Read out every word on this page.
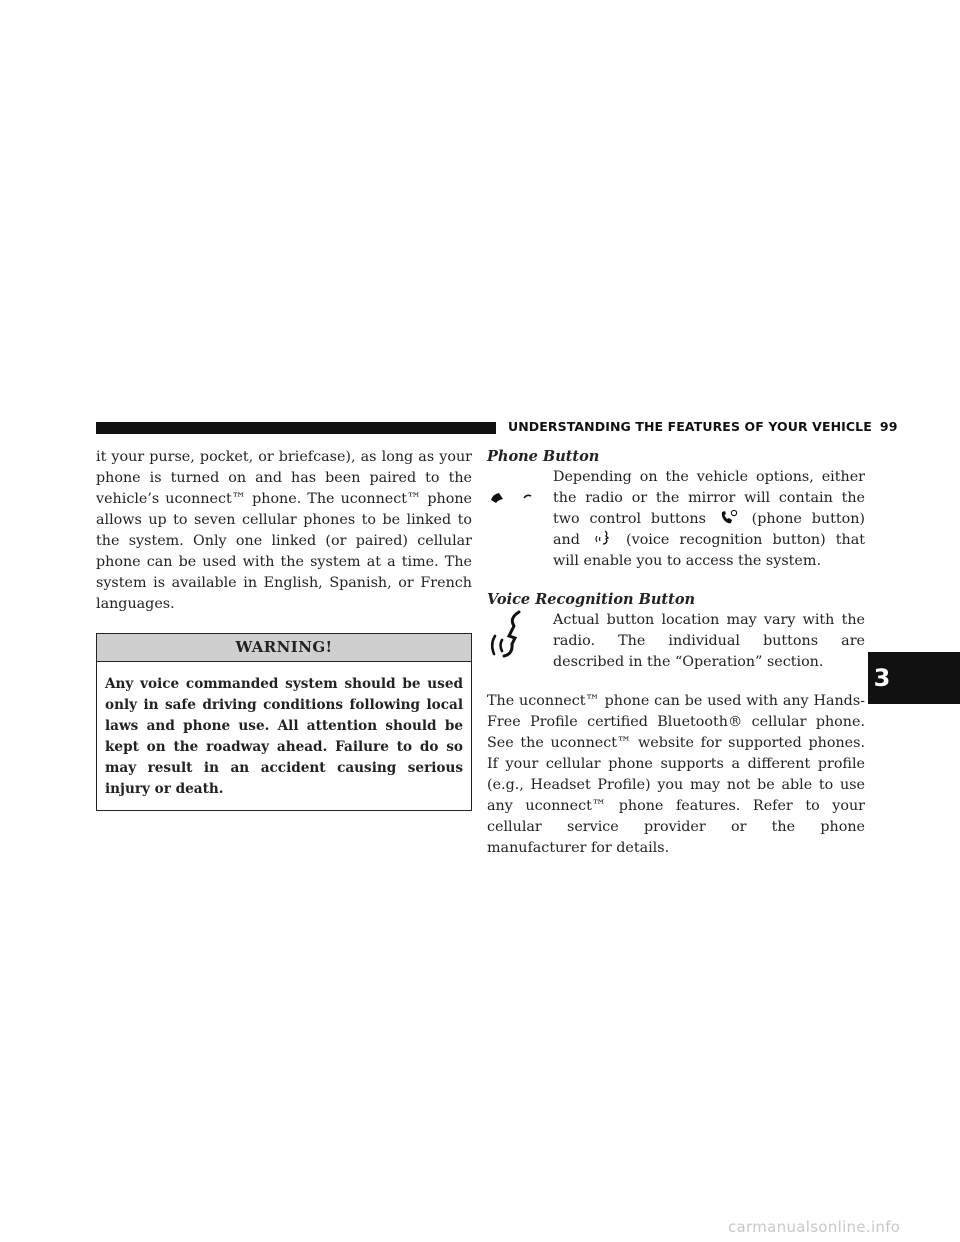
UNDERSTANDING THE FEATURES OF YOUR VEHICLE 99

it your purse, pocket, or briefcase), as long as your phone is turned on and has been paired to the vehicle’s uconnect™ phone. The uconnect™ phone allows up to seven cellular phones to be linked to the system. Only one linked (or paired) cellular phone can be used with the system at a time. The system is available in English, Spanish, or French languages.

WARNING!
Any voice commanded system should be used only in safe driving conditions following local laws and phone use. All attention should be kept on the roadway ahead. Failure to do so may result in an accident causing serious injury or death.
Phone Button
Depending on the vehicle options, either the radio or the mirror will contain the two control buttons	(phone button) and	(voice recognition button) that will enable you to access the system.
Voice Recognition Button
Actual button location may vary with the radio. The individual buttons are described in the “Operation” section.

The uconnect™ phone can be used with any Hands-Free Profile certified Bluetooth® cellular phone. See the uconnect™ website for supported phones. If your cellular phone supports a different profile (e.g., Headset Profile) you may not be able to use any uconnect™ phone features. Refer to your cellular service provider or the phone manufacturer for details.

3
carmanualsonline.info
